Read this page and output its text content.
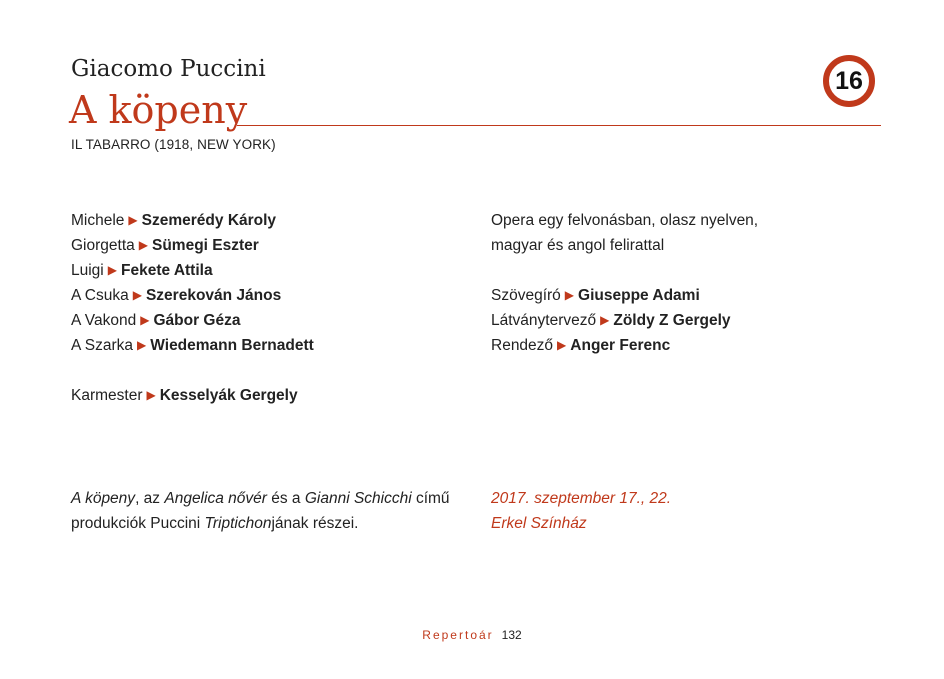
Giacomo Puccini
A köpeny
16
IL TABARRO (1918, NEW YORK)
Michele ▶ Szemerédy Károly
Giorgetta ▶ Sümegi Eszter
Luigi ▶ Fekete Attila
A Csuka ▶ Szerekován János
A Vakond ▶ Gábor Géza
A Szarka ▶ Wiedemann Bernadett
Karmester ▶ Kesselyák Gergely
Opera egy felvonásban, olasz nyelven,
magyar és angol felirattal
Szövegíró ▶ Giuseppe Adami
Látványtervező ▶ Zöldy Z Gergely
Rendező ▶ Anger Ferenc
A köpeny, az Angelica nővér és a Gianni Schicchi című
produkciók Puccini Triptichonjának részei.
2017. szeptember 17., 22.
Erkel Színház
Repertoár 132
